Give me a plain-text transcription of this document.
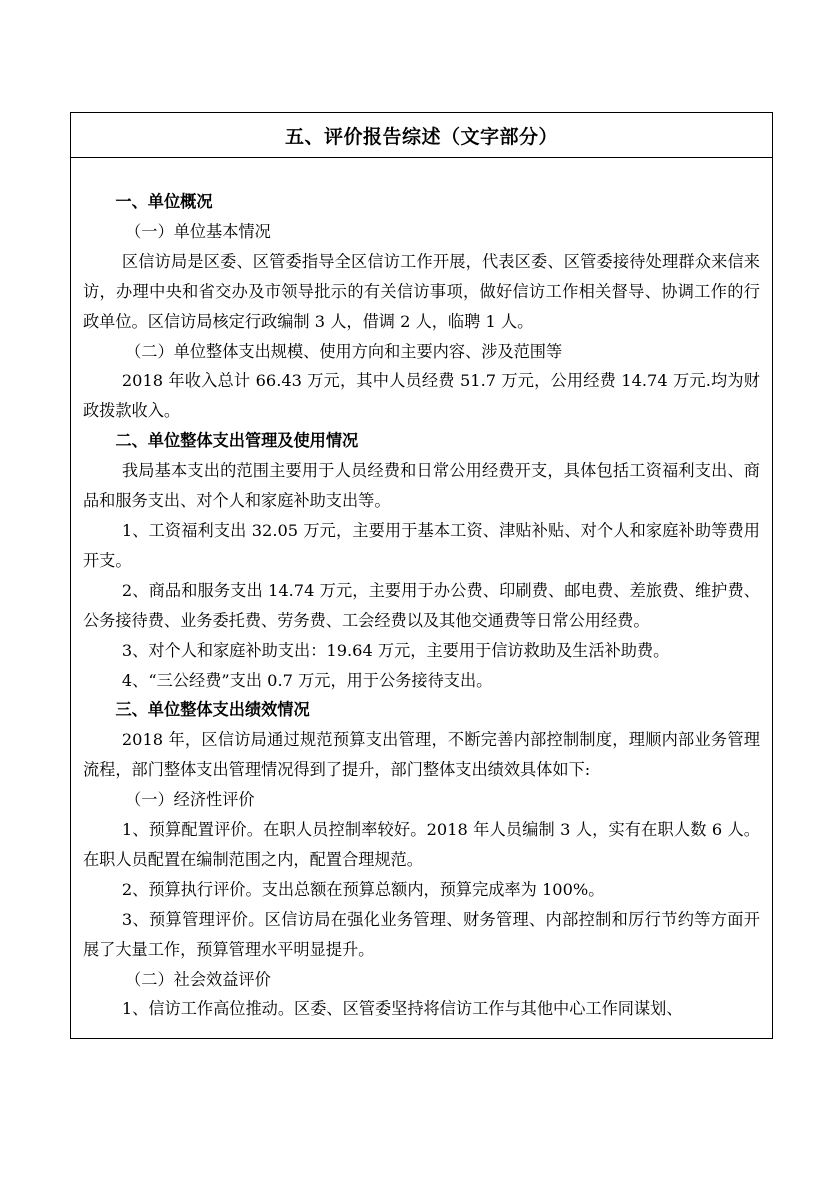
五、评价报告综述（文字部分）

一、单位概况

（一）单位基本情况

区信访局是区委、区管委指导全区信访工作开展，代表区委、区管委接待处理群众来信来访，办理中央和省交办及市领导批示的有关信访事项，做好信访工作相关督导、协调工作的行政单位。区信访局核定行政编制 3 人，借调 2 人，临聘 1 人。

（二）单位整体支出规模、使用方向和主要内容、涉及范围等

2018 年收入总计 66.43 万元，其中人员经费 51.7 万元，公用经费 14.74 万元.均为财政拨款收入。

二、单位整体支出管理及使用情况

我局基本支出的范围主要用于人员经费和日常公用经费开支，具体包括工资福利支出、商品和服务支出、对个人和家庭补助支出等。

1、工资福利支出 32.05 万元，主要用于基本工资、津贴补贴、对个人和家庭补助等费用开支。

2、商品和服务支出 14.74 万元，主要用于办公费、印刷费、邮电费、差旅费、维护费、公务接待费、业务委托费、劳务费、工会经费以及其他交通费等日常公用经费。

3、对个人和家庭补助支出：19.64 万元，主要用于信访救助及生活补助费。

4、“三公经费”支出 0.7 万元，用于公务接待支出。

三、单位整体支出绩效情况

2018 年，区信访局通过规范预算支出管理，不断完善内部控制制度，理顺内部业务管理流程，部门整体支出管理情况得到了提升，部门整体支出绩效具体如下:

（一）经济性评价

1、预算配置评价。在职人员控制率较好。2018 年人员编制 3 人，实有在职人数 6 人。在职人员配置在编制范围之内，配置合理规范。

2、预算执行评价。支出总额在预算总额内，预算完成率为 100%。

3、预算管理评价。区信访局在强化业务管理、财务管理、内部控制和厉行节约等方面开展了大量工作，预算管理水平明显提升。

（二）社会效益评价

1、信访工作高位推动。区委、区管委坚持将信访工作与其他中心工作同谋划、
